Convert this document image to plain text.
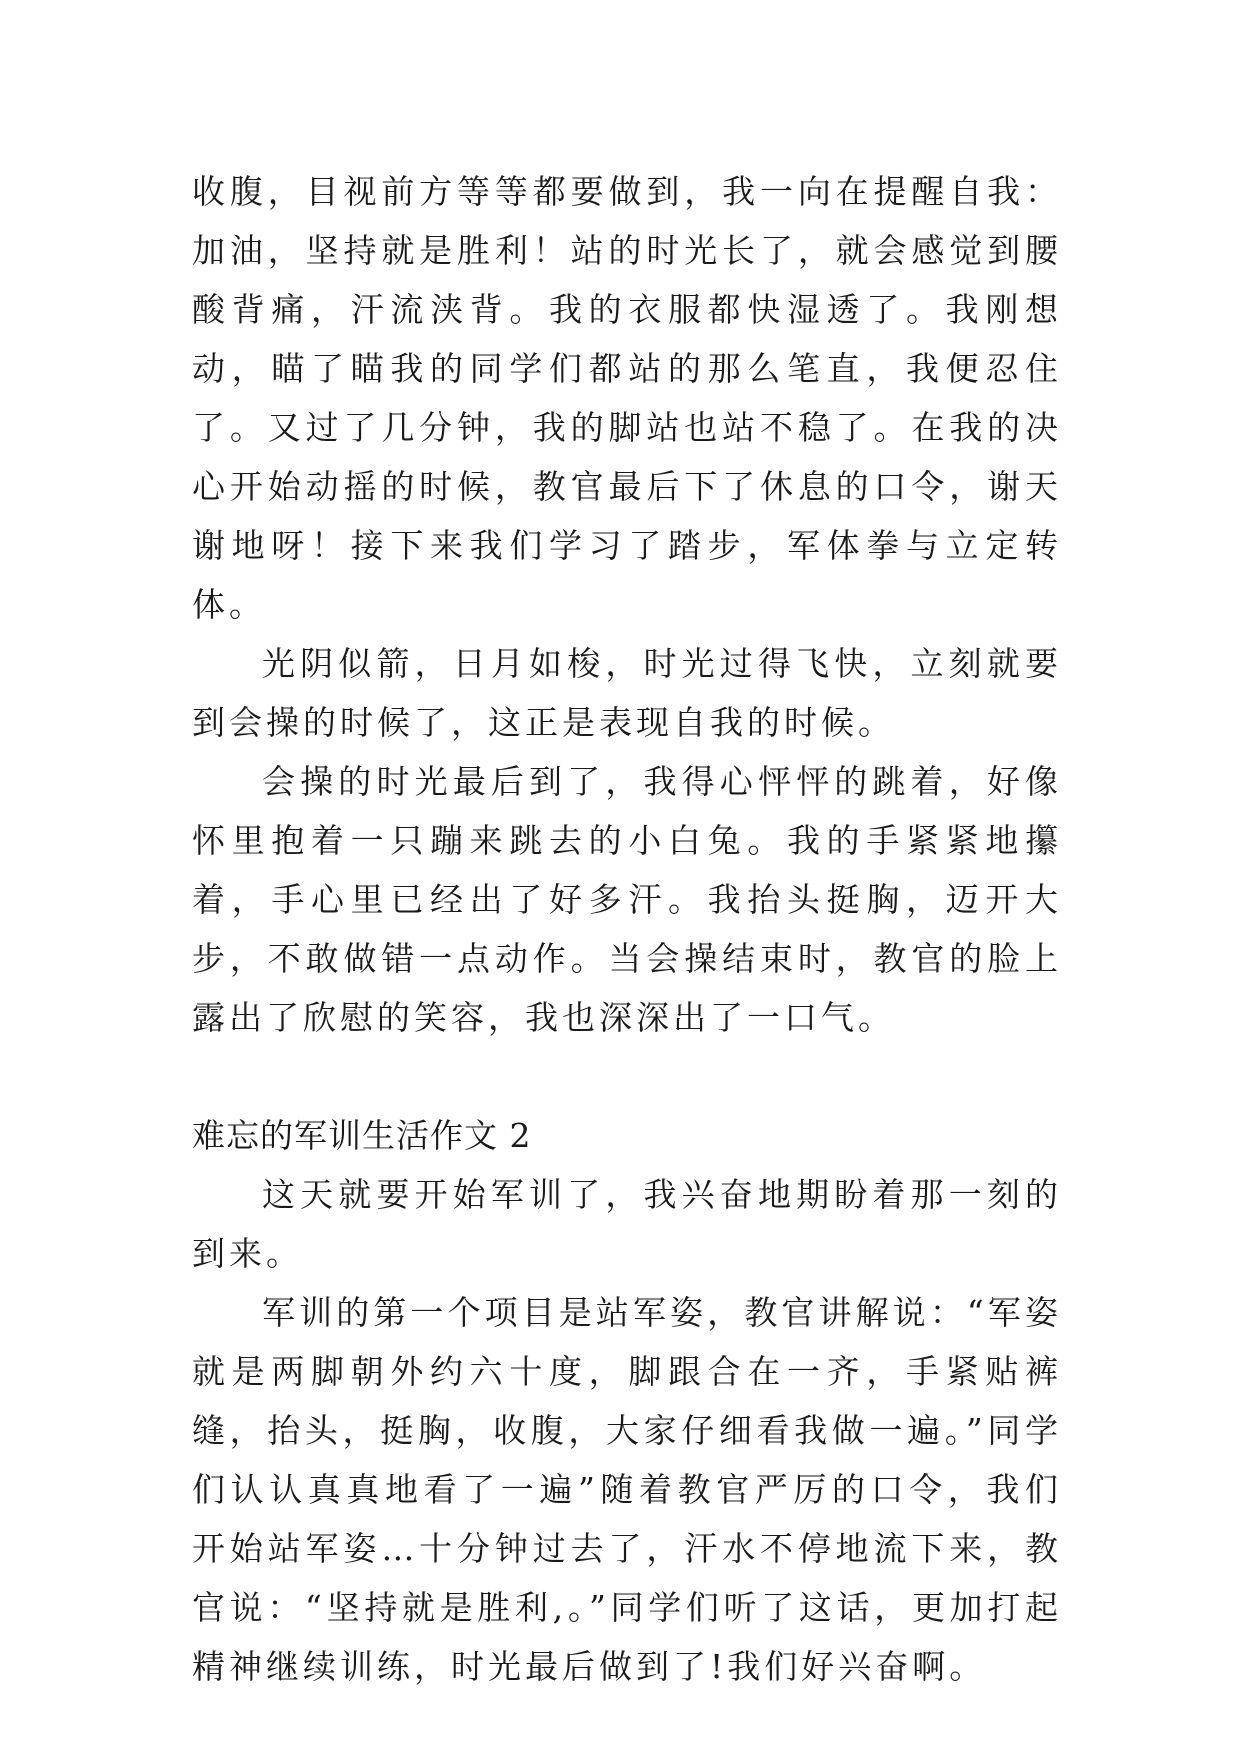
收腹，目视前方等等都要做到，我一向在提醒自我：加油，坚持就是胜利！站的时光长了，就会感觉到腰酸背痛，汗流浃背。我的衣服都快湿透了。我刚想动，瞄了瞄我的同学们都站的那么笔直，我便忍住了。又过了几分钟，我的脚站也站不稳了。在我的决心开始动摇的时候，教官最后下了休息的口令，谢天谢地呀！接下来我们学习了踏步，军体拳与立定转体。

光阴似箭，日月如梭，时光过得飞快，立刻就要到会操的时候了，这正是表现自我的时候。

会操的时光最后到了，我得心怦怦的跳着，好像怀里抱着一只蹦来跳去的小白兔。我的手紧紧地攥着，手心里已经出了好多汗。我抬头挺胸，迈开大步，不敢做错一点动作。当会操结束时，教官的脸上露出了欣慰的笑容，我也深深出了一口气。

难忘的军训生活作文 2

这天就要开始军训了，我兴奋地期盼着那一刻的到来。

军训的第一个项目是站军姿，教官讲解说：“军姿就是两脚朝外约六十度，脚跟合在一齐，手紧贴裤缝，抬头，挺胸，收腹，大家仔细看我做一遍。”同学们认认真真地看了一遍”随着教官严厉的口令，我们开始站军姿…十分钟过去了，汗水不停地流下来，教官说：“坚持就是胜利,。”同学们听了这话，更加打起精神继续训练，时光最后做到了!我们好兴奋啊。
